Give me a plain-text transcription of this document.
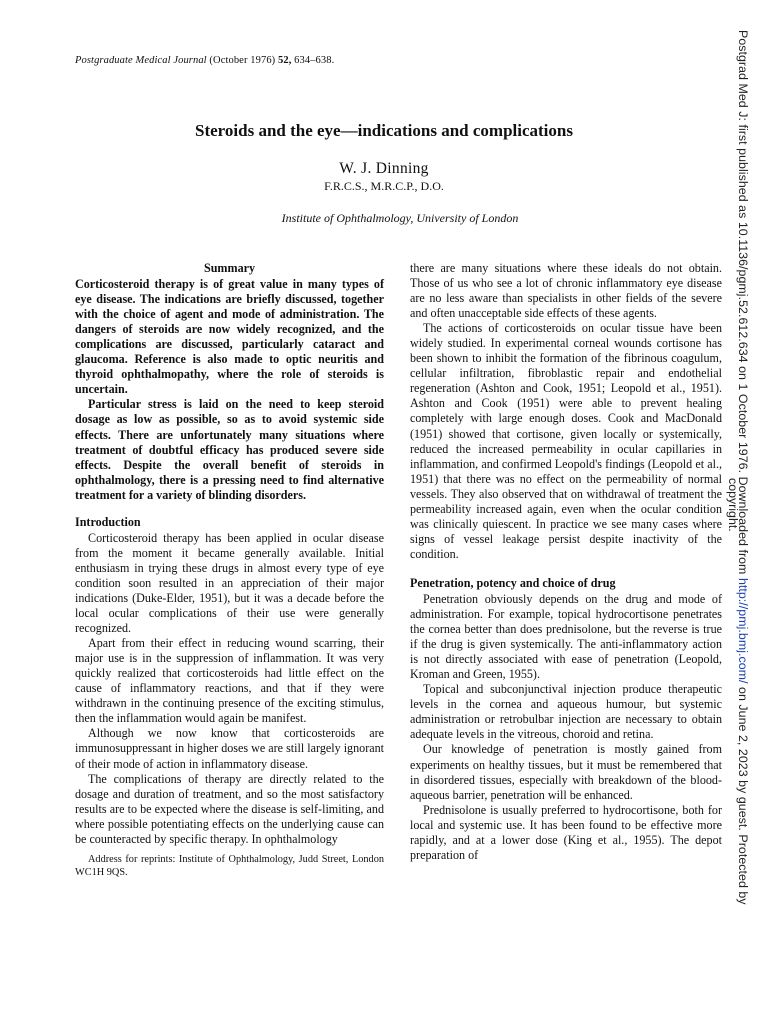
Postgraduate Medical Journal (October 1976) 52, 634–638.
Steroids and the eye—indications and complications
W. J. Dinning
F.R.C.S., M.R.C.P., D.O.
Institute of Ophthalmology, University of London
Summary

Corticosteroid therapy is of great value in many types of eye disease. The indications are briefly discussed, together with the choice of agent and mode of administration. The dangers of steroids are now widely recognized, and the complications are discussed, particularly cataract and glaucoma. Reference is also made to optic neuritis and thyroid ophthalmopathy, where the role of steroids is uncertain.

Particular stress is laid on the need to keep steroid dosage as low as possible, so as to avoid systemic side effects. There are unfortunately many situations where treatment of doubtful efficacy has produced severe side effects. Despite the overall benefit of steroids in ophthalmology, there is a pressing need to find alternative treatment for a variety of blinding disorders.

Introduction

Corticosteroid therapy has been applied in ocular disease from the moment it became generally available. Initial enthusiasm in trying these drugs in almost every type of eye condition soon resulted in an appreciation of their major indications (Duke-Elder, 1951), but it was a decade before the local ocular complications of their use were generally recognized.

Apart from their effect in reducing wound scarring, their major use is in the suppression of inflammation. It was very quickly realized that corticosteroids had little effect on the cause of inflammatory reactions, and that if they were withdrawn in the continuing presence of the exciting stimulus, then the inflammation would again be manifest.

Although we now know that corticosteroids are immunosuppressant in higher doses we are still largely ignorant of their mode of action in inflammatory disease.

The complications of therapy are directly related to the dosage and duration of treatment, and so the most satisfactory results are to be expected where the disease is self-limiting, and where possible potentiating effects on the underlying cause can be counteracted by specific therapy. In ophthalmology

Address for reprints: Institute of Ophthalmology, Judd Street, London WC1H 9QS.

there are many situations where these ideals do not obtain. Those of us who see a lot of chronic inflammatory eye disease are no less aware than specialists in other fields of the severe and often unacceptable side effects of these agents.

The actions of corticosteroids on ocular tissue have been widely studied. In experimental corneal wounds cortisone has been shown to inhibit the formation of the fibrinous coagulum, cellular infiltration, fibroblastic repair and endothelial regeneration (Ashton and Cook, 1951; Leopold et al., 1951). Ashton and Cook (1951) were able to prevent healing completely with large enough doses. Cook and MacDonald (1951) showed that cortisone, given locally or systemically, reduced the increased permeability in ocular capillaries in inflammation, and confirmed Leopold's findings (Leopold et al., 1951) that there was no effect on the permeability of normal vessels. They also observed that on withdrawal of treatment the permeability increased again, even when the ocular condition was clinically quiescent. In practice we see many cases where signs of vessel leakage persist despite inactivity of the condition.

Penetration, potency and choice of drug

Penetration obviously depends on the drug and mode of administration. For example, topical hydrocortisone penetrates the cornea better than does prednisolone, but the reverse is true if the drug is given systemically. The anti-inflammatory action is not directly associated with ease of penetration (Leopold, Kroman and Green, 1955).

Topical and subconjunctival injection produce therapeutic levels in the cornea and aqueous humour, but systemic administration or retrobulbar injection are necessary to obtain adequate levels in the vitreous, choroid and retina.

Our knowledge of penetration is mostly gained from experiments on healthy tissues, but it must be remembered that in disordered tissues, especially with breakdown of the blood-aqueous barrier, penetration will be enhanced.

Prednisolone is usually preferred to hydrocortisone, both for local and systemic use. It has been found to be effective more rapidly, and at a lower dose (King et al., 1955). The depot preparation of

Postgrad Med J: first published as 10.1136/pgmj.52.612.634 on 1 October 1976. Downloaded from http://pmj.bmj.com/ on June 2, 2023 by guest. Protected by
copyright.
